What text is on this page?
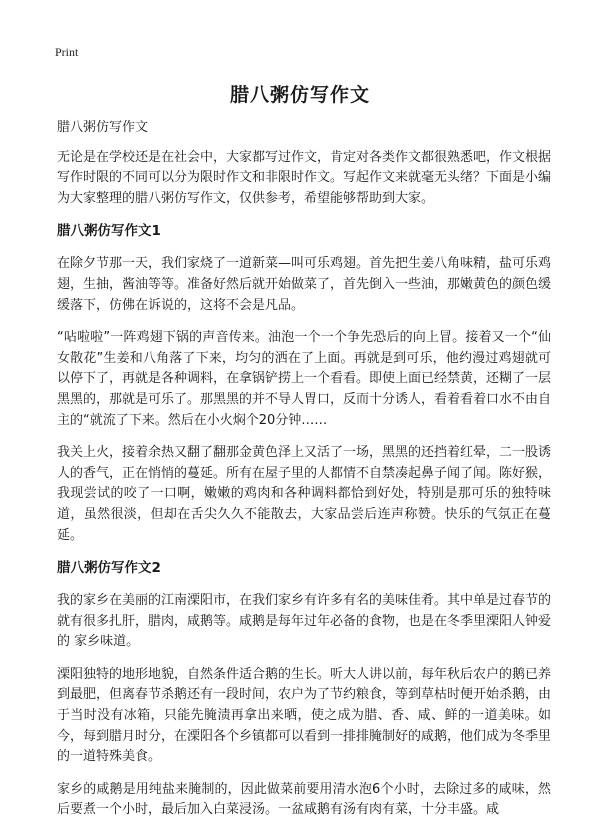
Print
腊八粥仿写作文

腊八粥仿写作文

无论是在学校还是在社会中，大家都写过作文，肯定对各类作文都很熟悉吧，作文根据写作时限的不同可以分为限时作文和非限时作文。写起作文来就毫无头绪？下面是小编为大家整理的腊八粥仿写作文，仅供参考，希望能够帮助到大家。

腊八粥仿写作文1

在除夕节那一天，我们家烧了一道新菜—叫可乐鸡翅。首先把生姜八角味精，盐可乐鸡翅，生抽，酱油等等。准备好然后就开始做菜了，首先倒入一些油，那嫩黄色的颜色缓缓落下，仿佛在诉说的，这将不会是凡品。

“呫啦啦”一阵鸡翅下锅的声音传来。油泡一个一个争先恐后的向上冒。接着又一个“仙女散花”生姜和八角落了下来，均匀的洒在了上面。再就是到可乐，他约漫过鸡翅就可以停下了，再就是各种调料，在拿锅铲捞上一个看看。即使上面已经禁黄，还糊了一层黑黑的，那就是可乐了。那黑黑的并不导人胃口，反而十分诱人，看着看着口水不由自主的“就流了下来。然后在小火焖个20分钟……

我关上火，接着余热又翻了翻那金黄色泽上又活了一场，黑黑的还挡着红晕，二一股诱人的香气，正在悄悄的蔓延。所有在屋子里的人都情不自禁凑起鼻子闻了闻。陈好猴，我现尝试的咬了一口啊，嫩嫩的鸡肉和各种调料都恰到好处，特别是那可乐的独特味道，虽然很淡，但却在舌尖久久不能散去，大家品尝后连声称赞。快乐的气氛正在蔓延。

腊八粥仿写作文2

我的家乡在美丽的江南溧阳市，在我们家乡有许多有名的美味佳肴。其中单是过春节的就有很多扎肝，腊肉，咸鹅等。咸鹅是每年过年必备的食物，也是在冬季里溧阳人钟爱的 家乡味道。

溧阳独特的地形地貌，自然条件适合鹅的生长。听大人讲以前，每年秋后农户的鹅已养到最肥，但离春节杀鹅还有一段时间，农户为了节约粮食，等到草枯时便开始杀鹅，由于当时没有冰箱，只能先腌渍再拿出来晒，使之成为腊、香、咸、鲜的一道美味。如今，每到腊月时分，在溧阳各个乡镇都可以看到一排排腌制好的咸鹅，他们成为冬季里的一道特殊美食。

家乡的咸鹅是用纯盐来腌制的，因此做菜前要用清水泡6个小时，去除过多的咸味，然后要煮一个小时，最后加入白菜浸汤。一盆咸鹅有汤有肉有菜，十分丰盛。咸
